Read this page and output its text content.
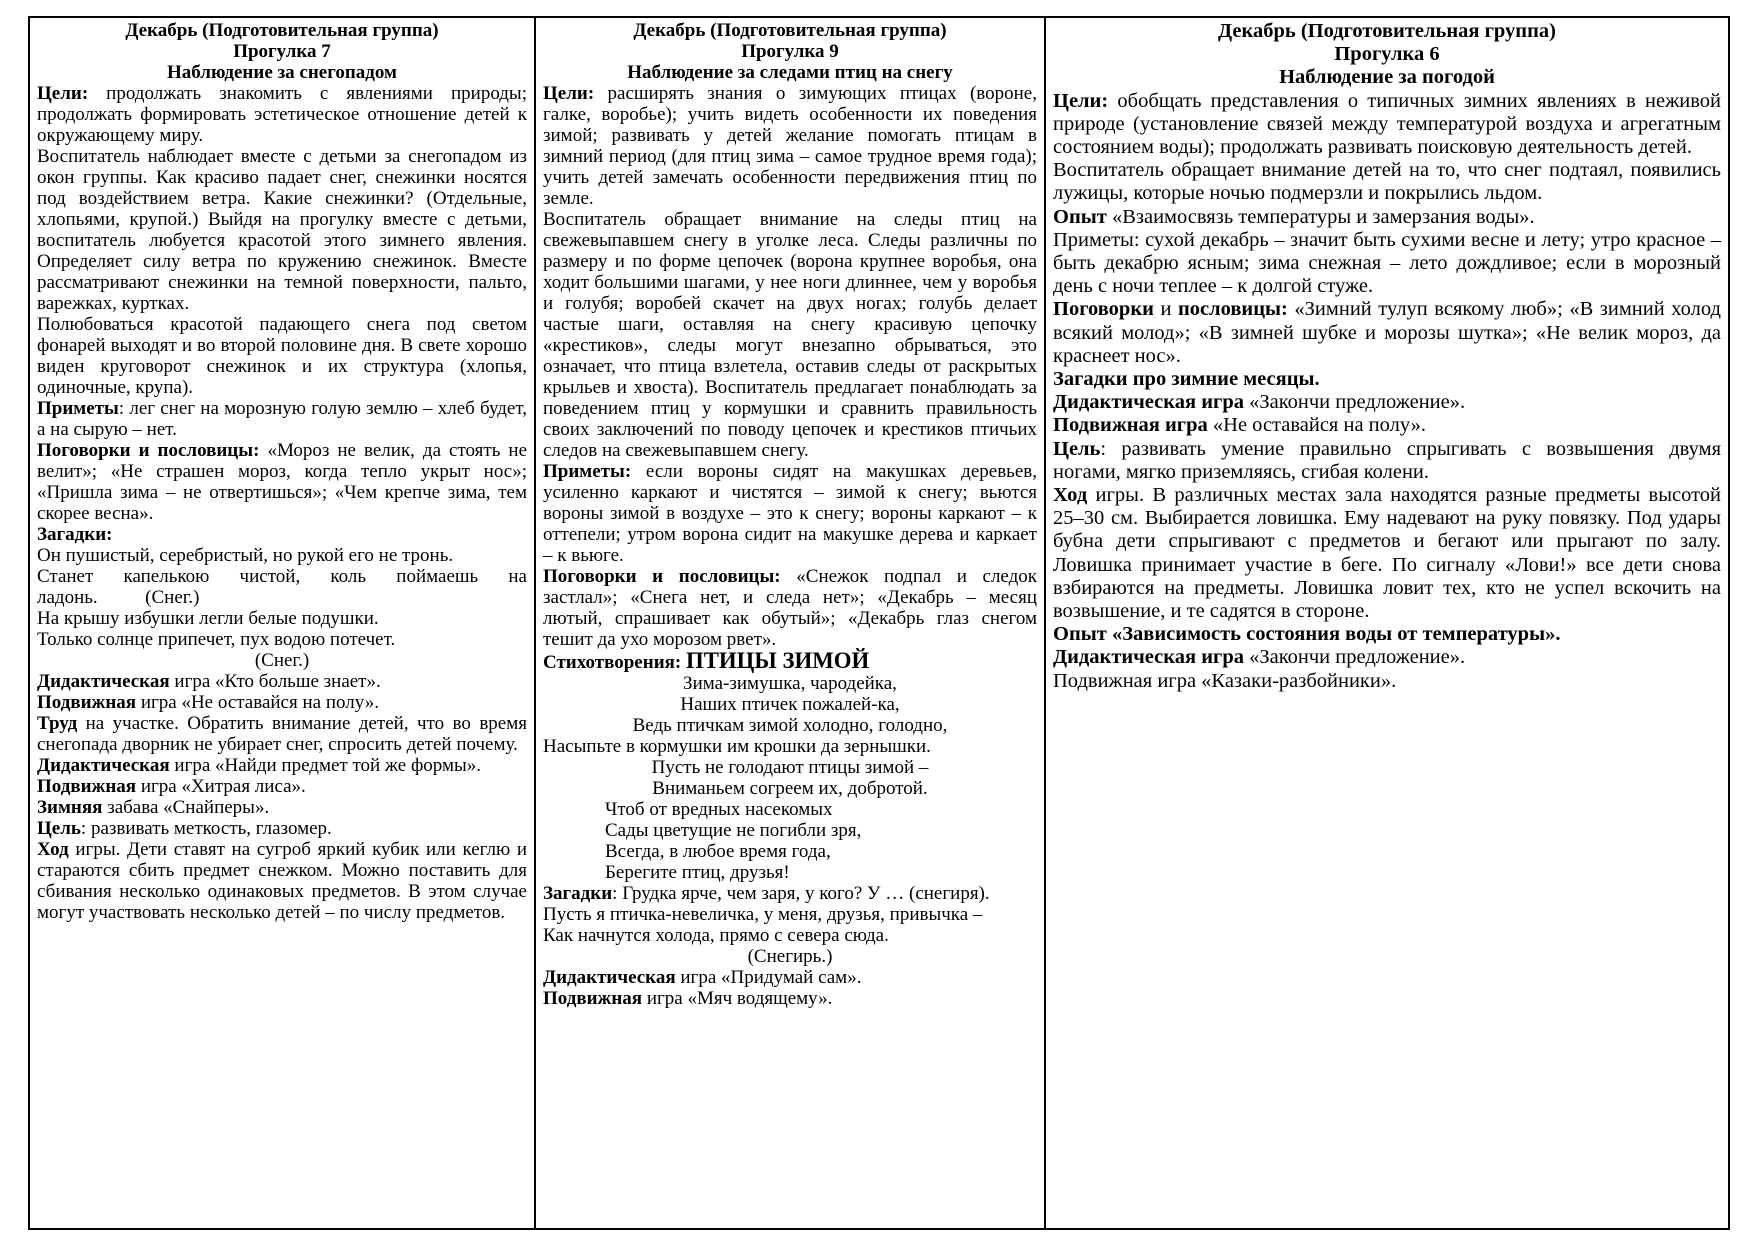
Декабрь (Подготовительная группа)
Прогулка 7
Наблюдение за снегопадом
Цели: продолжать знакомить с явлениями природы; продолжать формировать эстетическое отношение детей к окружающему миру.
Воспитатель наблюдает вместе с детьми за снегопадом из окон группы. Как красиво падает снег, снежинки носятся под воздействием ветра. Какие снежинки? (Отдельные, хлопьями, крупой.) Выйдя на прогулку вместе с детьми, воспитатель любуется красотой этого зимнего явления. Определяет силу ветра по кружению снежинок. Вместе рассматривают снежинки на темной поверхности, пальто, варежках, куртках.
Полюбоваться красотой падающего снега под светом фонарей выходят и во второй половине дня. В свете хорошо виден круговорот снежинок и их структура (хлопья, одиночные, крупа).
Приметы: лег снег на морозную голую землю – хлеб будет, а на сырую – нет.
Поговорки и пословицы: «Мороз не велик, да стоять не велит»; «Не страшен мороз, когда тепло укрыт нос»; «Пришла зима – не отвертишься»; «Чем крепче зима, тем скорее весна».
Загадки:
Он пушистый, серебристый, но рукой его не тронь.
Станет капелькою чистой, коль поймаешь на ладонь.          (Снег.)
На крышу избушки легли белые подушки.
Только солнце припечет, пух водою потечет.
(Снег.)
Дидактическая игра «Кто больше знает».
Подвижная игра «Не оставайся на полу».
Труд на участке. Обратить внимание детей, что во время снегопада дворник не убирает снег, спросить детей почему.
Дидактическая игра «Найди предмет той же формы».
Подвижная игра «Хитрая лиса».
Зимняя забава «Снайперы».
Цель: развивать меткость, глазомер.
Ход игры. Дети ставят на сугроб яркий кубик или кеглю и стараются сбить предмет снежком. Можно поставить для сбивания несколько одинаковых предметов. В этом случае могут участвовать несколько детей – по числу предметов.

Декабрь (Подготовительная группа)
Прогулка 9
Наблюдение за следами птиц на снегу
Цели: расширять знания о зимующих птицах (вороне, галке, воробье); учить видеть особенности их поведения зимой; развивать у детей желание помогать птицам в зимний период (для птиц зима – самое трудное время года); учить детей замечать особенности передвижения птиц по земле.
Воспитатель обращает внимание на следы птиц на свежевыпавшем снегу в уголке леса. Следы различны по размеру и по форме цепочек (ворона крупнее воробья, она ходит большими шагами, у нее ноги длиннее, чем у воробья и голубя; воробей скачет на двух ногах; голубь делает частые шаги, оставляя на снегу красивую цепочку «крестиков», следы могут внезапно обрываться, это означает, что птица взлетела, оставив следы от раскрытых крыльев и хвоста). Воспитатель предлагает понаблюдать за поведением птиц у кормушки и сравнить правильность своих заключений по поводу цепочек и крестиков птичьих следов на свежевыпавшем снегу.
Приметы: если вороны сидят на макушках деревьев, усиленно каркают и чистятся – зимой к снегу; вьются вороны зимой в воздухе – это к снегу; вороны каркают – к оттепели; утром ворона сидит на макушке дерева и каркает – к вьюге.
Поговорки и пословицы: «Снежок подпал и следок застлал»; «Снега нет, и следа нет»; «Декабрь – месяц лютый, спрашивает как обутый»; «Декабрь глаз снегом тешит да ухо морозом рвет».
Стихотворения: ПТИЦЫ ЗИМОЙ
Зима-зимушка, чародейка,
Наших птичек пожалей-ка,
Ведь птичкам зимой холодно, голодно,
Насыпьте в кормушки им крошки да зернышки.
Пусть не голодают птицы зимой –
Вниманьем согреем их, добротой.
Чтоб от вредных насекомых
Сады цветущие не погибли зря,
Всегда, в любое время года,
Берегите птиц, друзья!
Загадки: Грудка ярче, чем заря, у кого? У … (снегиря).
Пусть я птичка-невеличка, у меня, друзья, привычка –
Как начнутся холода, прямо с севера сюда.
(Снегирь.)
Дидактическая игра «Придумай сам».
Подвижная игра «Мяч водящему».

Декабрь (Подготовительная группа)
Прогулка 6
Наблюдение за погодой
Цели: обобщать представления о типичных зимних явлениях в неживой природе (установление связей между температурой воздуха и агрегатным состоянием воды); продолжать развивать поисковую деятельность детей.
Воспитатель обращает внимание детей на то, что снег подтаял, появились лужицы, которые ночью подмерзли и покрылись льдом.
Опыт «Взаимосвязь температуры и замерзания воды».
Приметы: сухой декабрь – значит быть сухими весне и лету; утро красное – быть декабрю ясным; зима снежная – лето дождливое; если в морозный день с ночи теплее – к долгой стуже.
Поговорки и пословицы: «Зимний тулуп всякому люб»; «В зимний холод всякий молод»; «В зимней шубке и морозы шутка»; «Не велик мороз, да краснеет нос».
Загадки про зимние месяцы.
Дидактическая игра «Закончи предложение».
Подвижная игра «Не оставайся на полу».
Цель: развивать умение правильно спрыгивать с возвышения двумя ногами, мягко приземляясь, сгибая колени.
Ход игры. В различных местах зала находятся разные предметы высотой 25–30 см. Выбирается ловишка. Ему надевают на руку повязку. Под удары бубна дети спрыгивают с предметов и бегают или прыгают по залу. Ловишка принимает участие в беге. По сигналу «Лови!» все дети снова взбираются на предметы. Ловишка ловит тех, кто не успел вскочить на возвышение, и те садятся в стороне.
Опыт «Зависимость состояния воды от температуры».
Дидактическая игра «Закончи предложение».
Подвижная игра «Казаки-разбойники».
